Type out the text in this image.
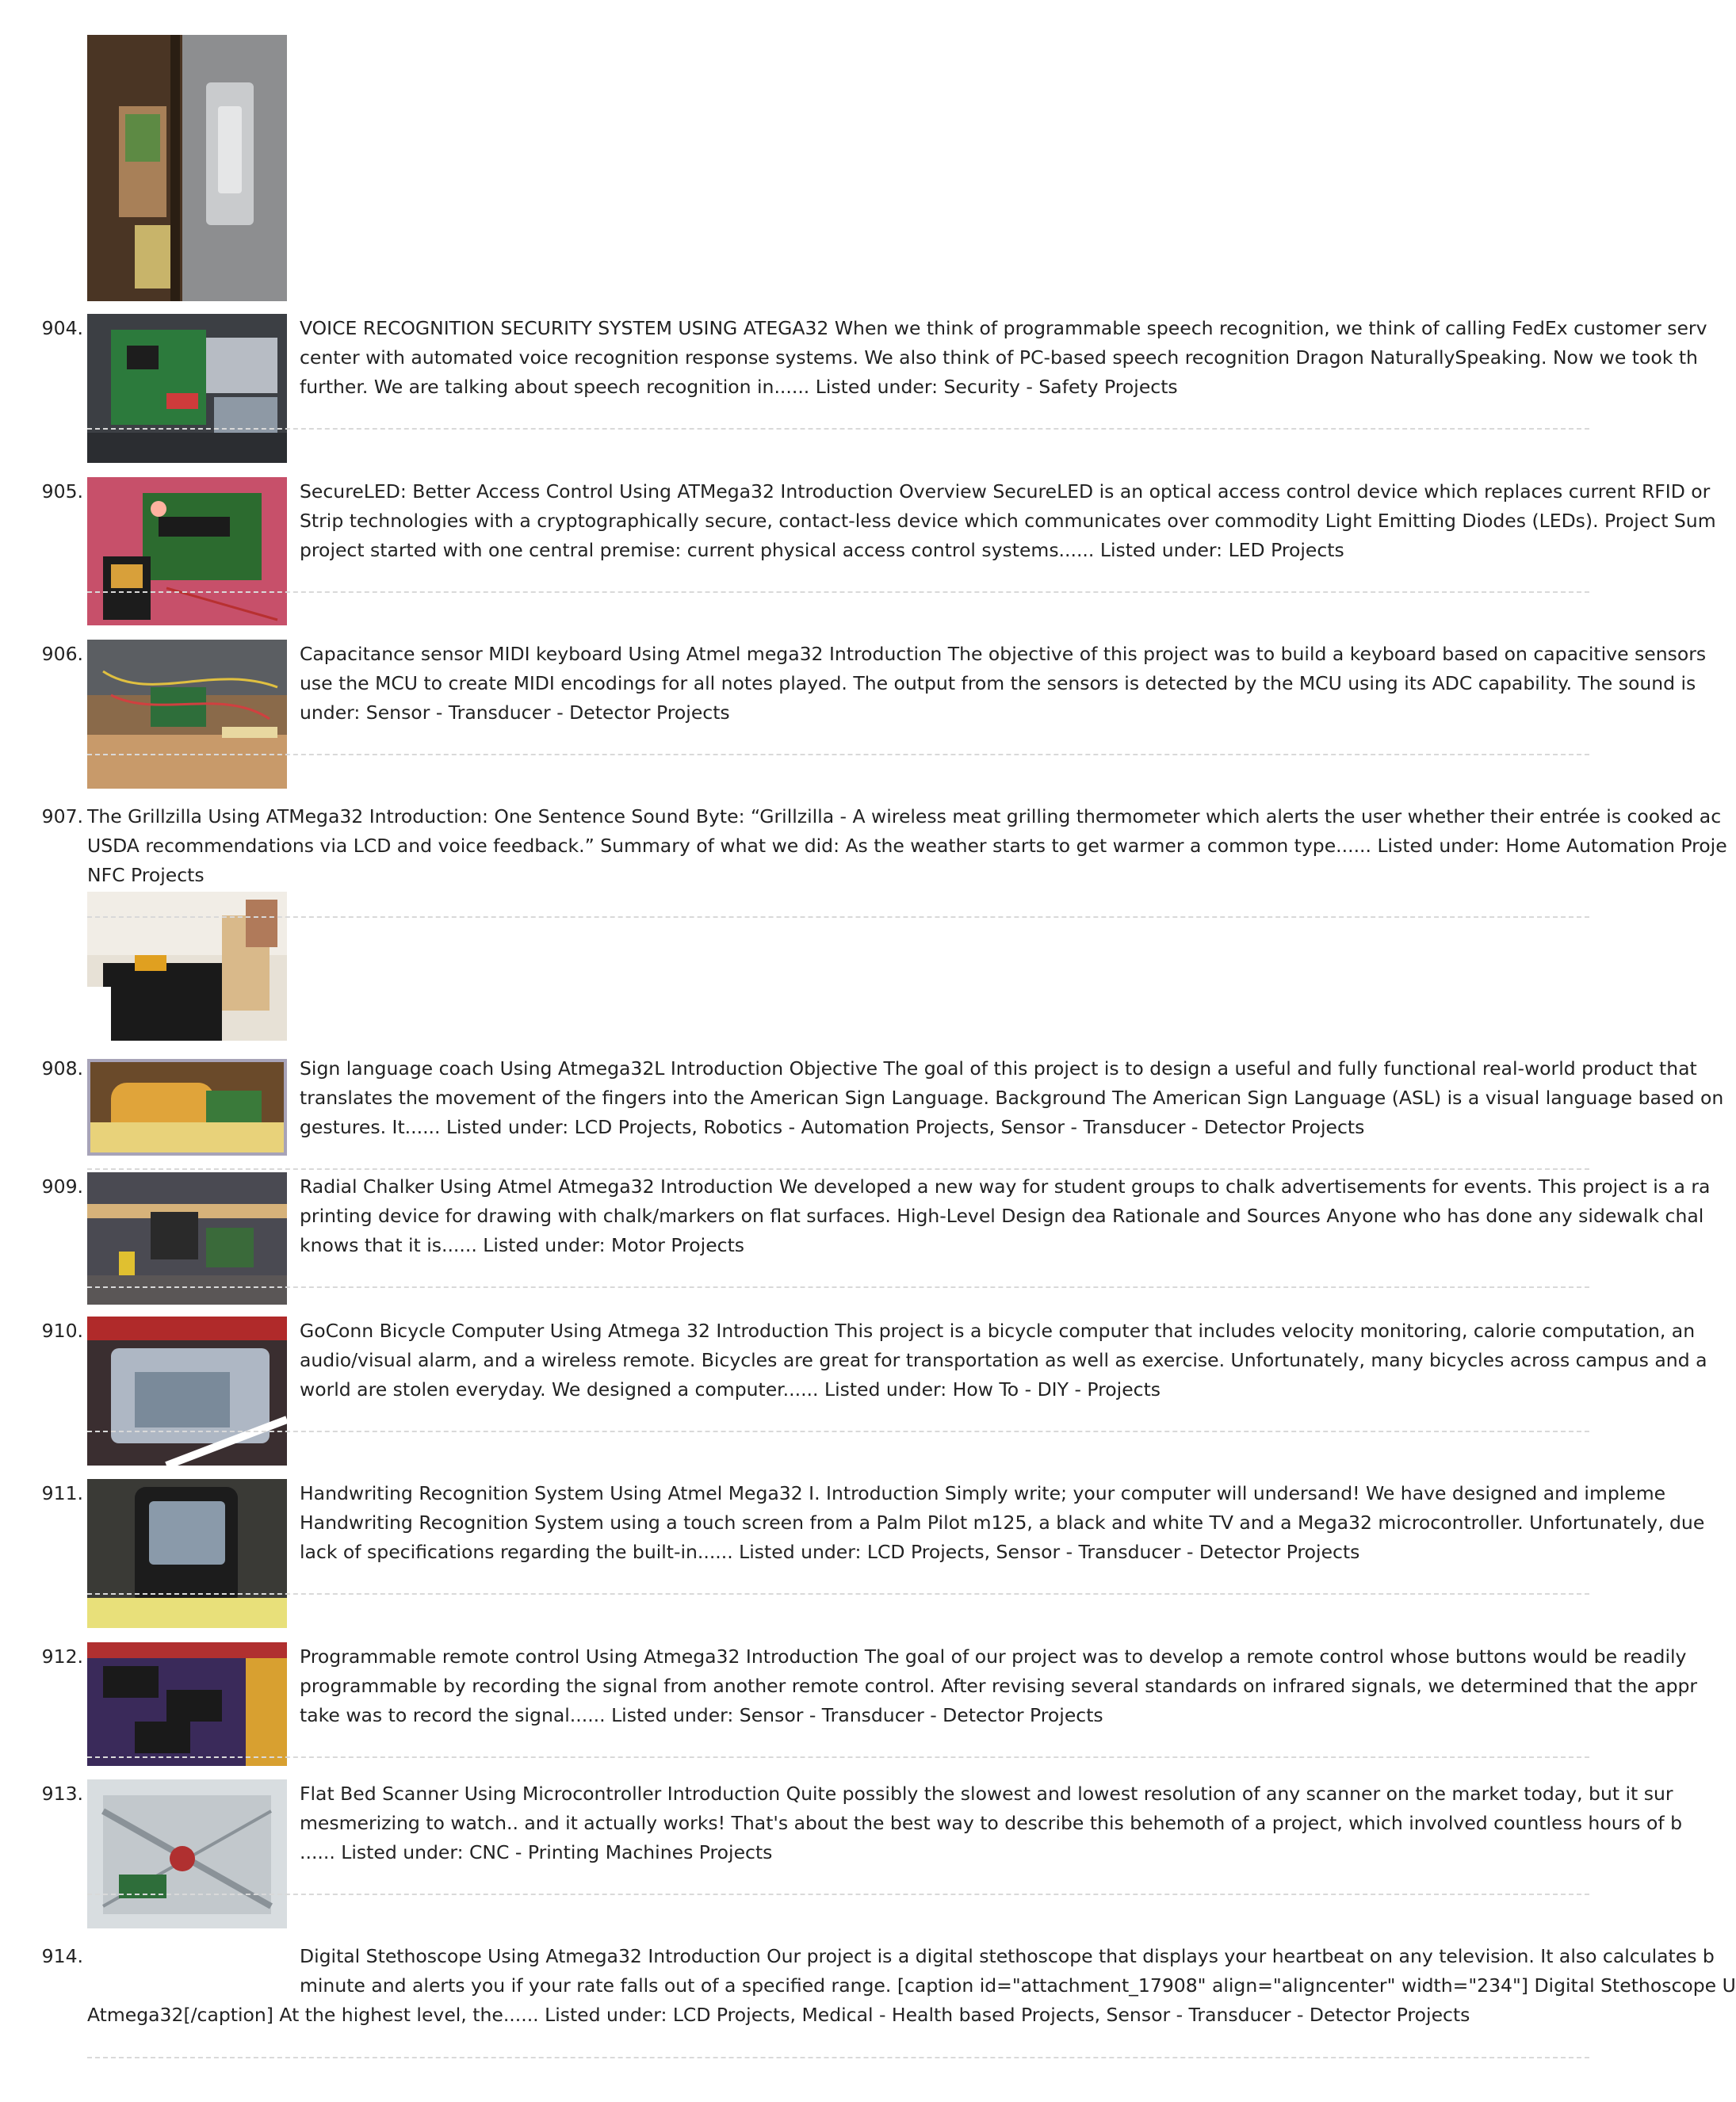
904.	VOICE RECOGNITION SECURITY SYSTEM USING ATEGA32 When we think of programmable speech recognition, we think of calling FedEx customer serv
center with automated voice recognition response systems. We also think of PC-based speech recognition Dragon NaturallySpeaking. Now we took th
further. We are talking about speech recognition in...... Listed under: Security - Safety Projects
905.	SecureLED: Better Access Control Using ATMega32 Introduction Overview SecureLED is an optical access control device which replaces current RFID or
Strip technologies with a cryptographically secure, contact-less device which communicates over commodity Light Emitting Diodes (LEDs). Project Sum
project started with one central premise: current physical access control systems...... Listed under: LED Projects
906.	Capacitance sensor MIDI keyboard Using Atmel mega32 Introduction The objective of this project was to build a keyboard based on capacitive sensors
use the MCU to create MIDI encodings for all notes played. The output from the sensors is detected by the MCU using its ADC capability. The sound is
under: Sensor - Transducer - Detector Projects
907. The Grillzilla Using ATMega32 Introduction: One Sentence Sound Byte: “Grillzilla - A wireless meat grilling thermometer which alerts the user whether their entrée is cooked ac
USDA recommendations via LCD and voice feedback.” Summary of what we did: As the weather starts to get warmer a common type...... Listed under: Home Automation Proje
NFC Projects
908.	Sign language coach Using Atmega32L Introduction Objective The goal of this project is to design a useful and fully functional real-world product that
translates the movement of the fingers into the American Sign Language. Background The American Sign Language (ASL) is a visual language based on
gestures. It...... Listed under: LCD Projects, Robotics - Automation Projects, Sensor - Transducer - Detector Projects
909.	Radial Chalker Using Atmel Atmega32 Introduction We developed a new way for student groups to chalk advertisements for events. This project is a ra
printing device for drawing with chalk/markers on flat surfaces. High-Level Design dea Rationale and Sources Anyone who has done any sidewalk chal
knows that it is...... Listed under: Motor Projects
910.	GoConn Bicycle Computer Using Atmega 32 Introduction This project is a bicycle computer that includes velocity monitoring, calorie computation, an
audio/visual alarm, and a wireless remote. Bicycles are great for transportation as well as exercise. Unfortunately, many bicycles across campus and a
world are stolen everyday. We designed a computer...... Listed under: How To - DIY - Projects
911.	Handwriting Recognition System Using Atmel Mega32 I. Introduction Simply write; your computer will undersand! We have designed and impleme
Handwriting Recognition System using a touch screen from a Palm Pilot m125, a black and white TV and a Mega32 microcontroller. Unfortunately, due
lack of specifications regarding the built-in...... Listed under: LCD Projects, Sensor - Transducer - Detector Projects
912.	Programmable remote control Using Atmega32 Introduction The goal of our project was to develop a remote control whose buttons would be readily
programmable by recording the signal from another remote control. After revising several standards on infrared signals, we determined that the appr
take was to record the signal...... Listed under: Sensor - Transducer - Detector Projects
913.	Flat Bed Scanner Using Microcontroller Introduction Quite possibly the slowest and lowest resolution of any scanner on the market today, but it sur
mesmerizing to watch.. and it actually works! That's about the best way to describe this behemoth of a project, which involved countless hours of b
...... Listed under: CNC - Printing Machines Projects
914.	Digital Stethoscope Using Atmega32 Introduction Our project is a digital stethoscope that displays your heartbeat on any television. It also calculates b
minute and alerts you if your rate falls out of a specified range. [caption id="attachment_17908" align="aligncenter" width="234"] Digital Stethoscope U
Atmega32[/caption] At the highest level, the...... Listed under: LCD Projects, Medical - Health based Projects, Sensor - Transducer - Detector Projects
